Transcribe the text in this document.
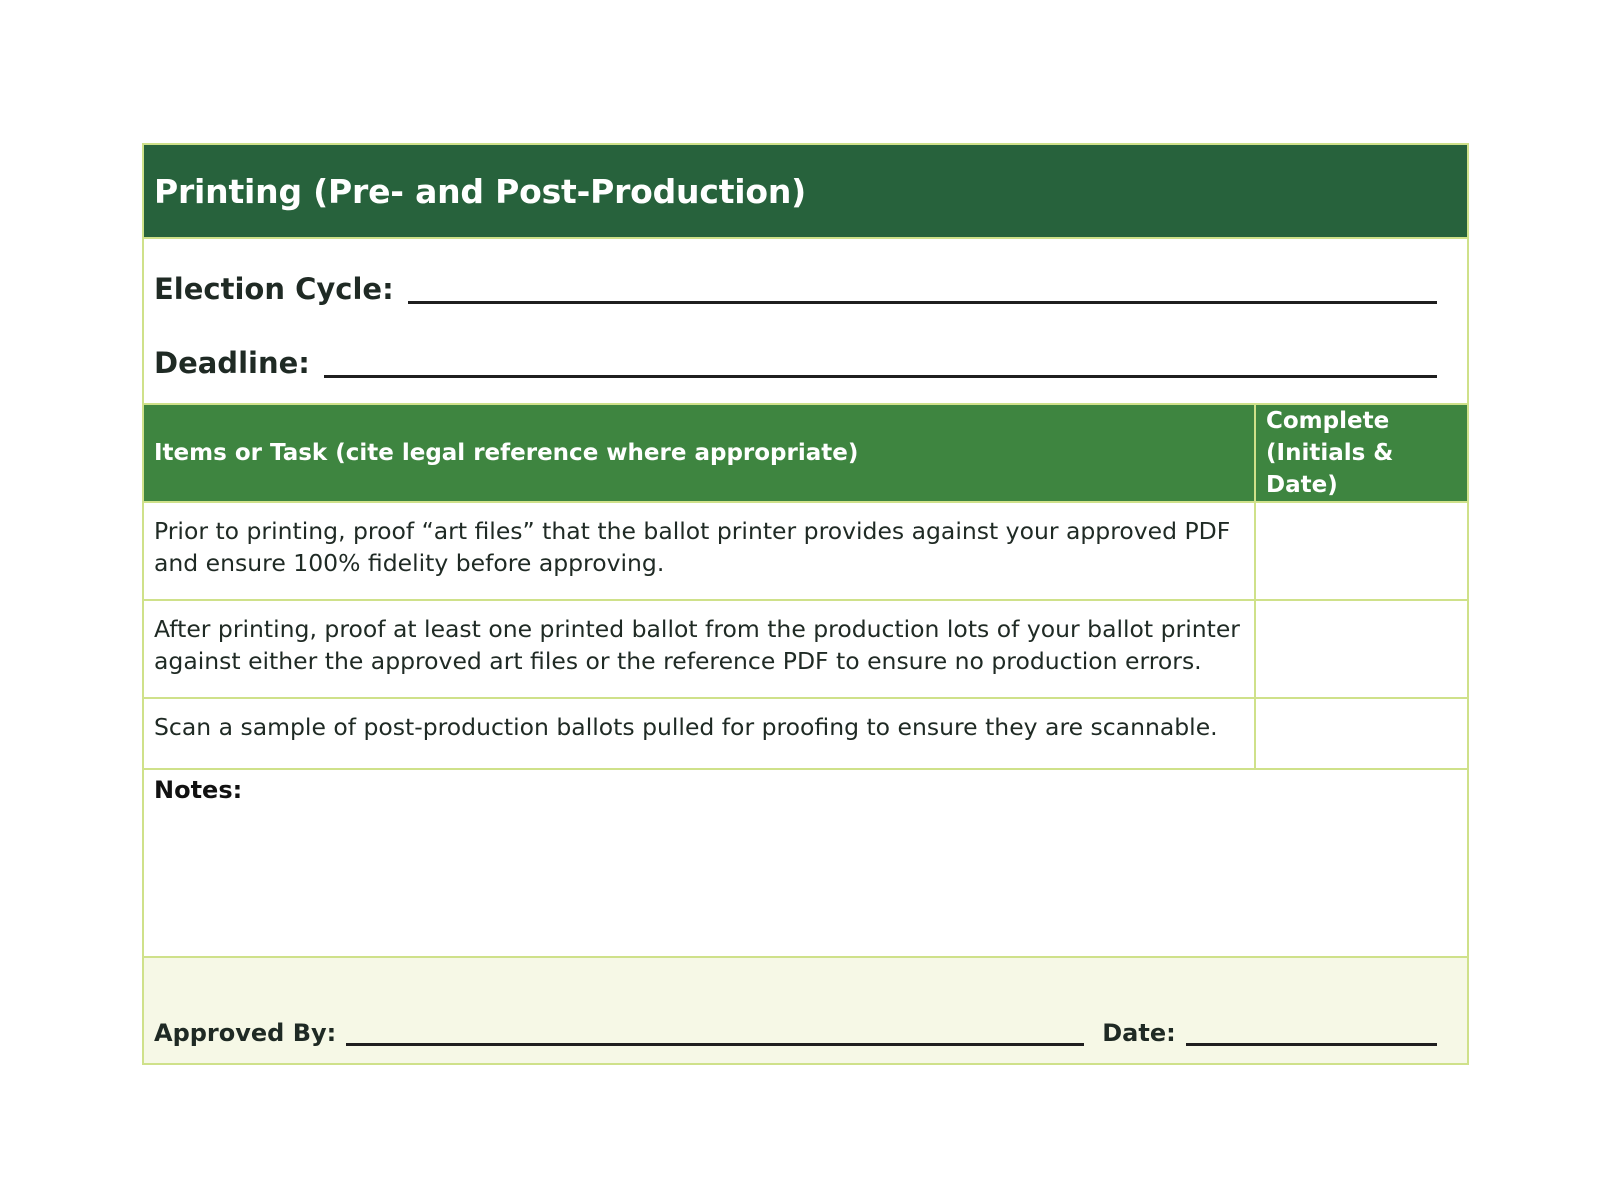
Printing (Pre- and Post-Production)
Election Cycle:
Deadline:
Items or Task (cite legal reference where appropriate)	Complete (Initials & Date)
Prior to printing, proof “art files” that the ballot printer provides against your approved PDF and ensure 100% fidelity before approving.	
After printing, proof at least one printed ballot from the production lots of your ballot printer against either the approved art files or the reference PDF to ensure no production errors.	
Scan a sample of post-production ballots pulled for proofing to ensure they are scannable.	
Notes:
Approved By:	Date:
